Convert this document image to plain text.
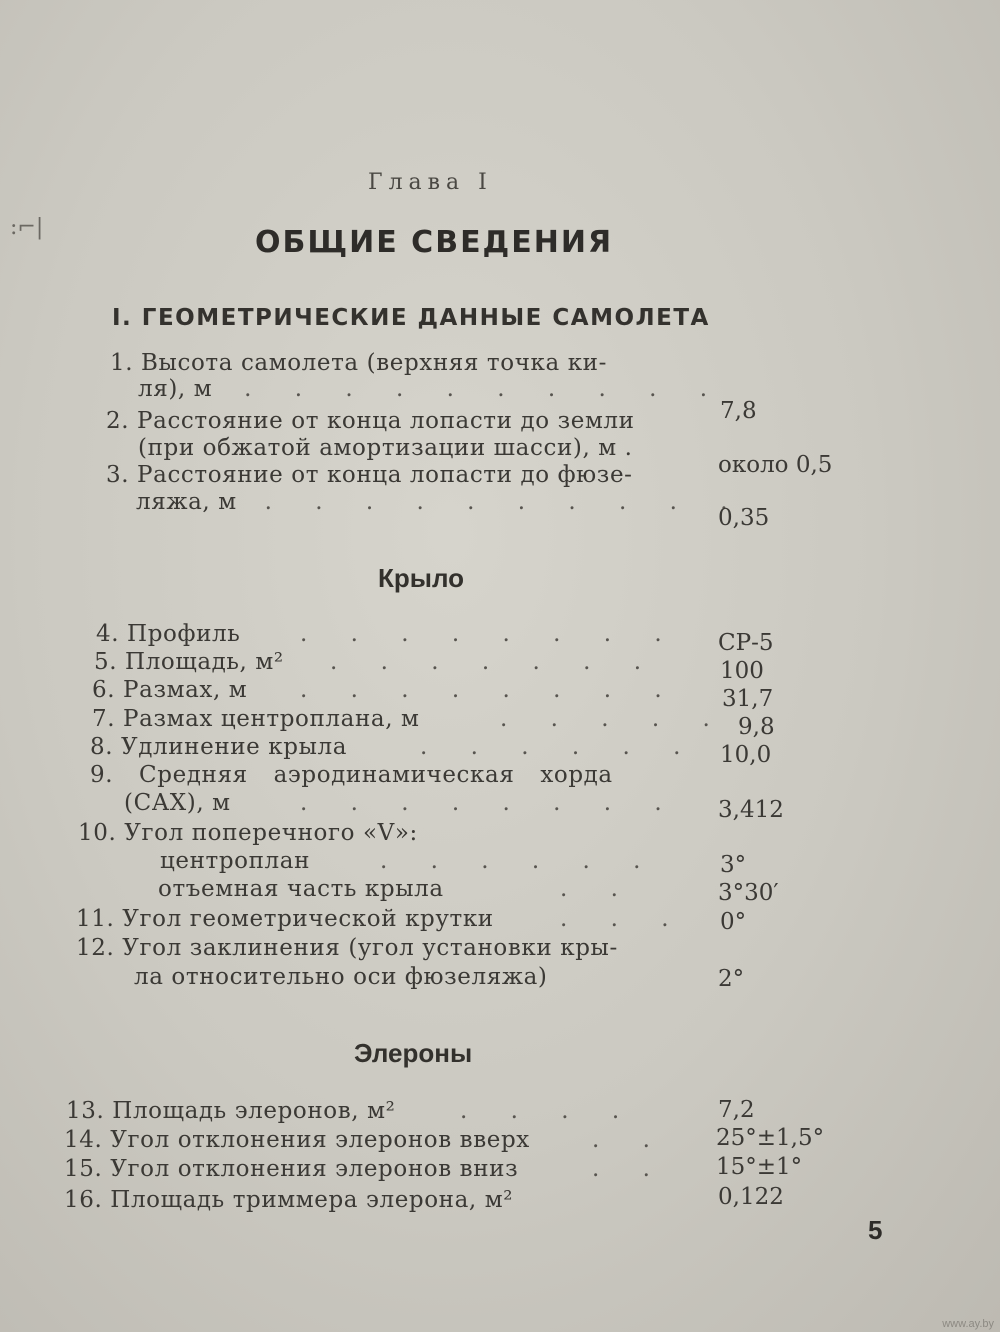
:⌐|
Глава I
ОБЩИЕ СВЕДЕНИЯ
I. ГЕОМЕТРИЧЕСКИЕ ДАННЫЕ САМОЛЕТА
1. Высота самолета (верхняя точка ки-
ля), м . . . . . . . . . .
7,8
2. Расстояние от конца лопасти до земли
(при обжатой амортизации шасси), м .
около 0,5
3. Расстояние от конца лопасти до фюзе-
ляжа, м . . . . . . . . . .
0,35
Крыло
4. Профиль	. . . . . . . . СР-5
5. Площадь, м² . . . . . . .	100
6. Размах, м . . . . . . . . 31,7
7. Размах центроплана, м	. . . . . 9,8
8. Удлинение крыла	. . . . . . 10,0
9. Средняя аэродинамическая хорда
(САХ), м	. . . . . . . . 3,412
10. Угол поперечного «V»:
центроплан	. . . . . .	3°
отъемная часть крыла	. .	3°30′
11. Угол геометрической крутки	. . . 0°
12. Угол заклинения (угол установки кры-
ла относительно оси фюзеляжа)	2°
Элероны
13. Площадь элеронов, м²	. . . .	7,2
14. Угол отклонения элеронов вверх	. . 25°±1,5°
15. Угол отклонения элеронов вниз	. . 15°±1°
16. Площадь триммера элерона, м²	0,122
5
www.ay.by
